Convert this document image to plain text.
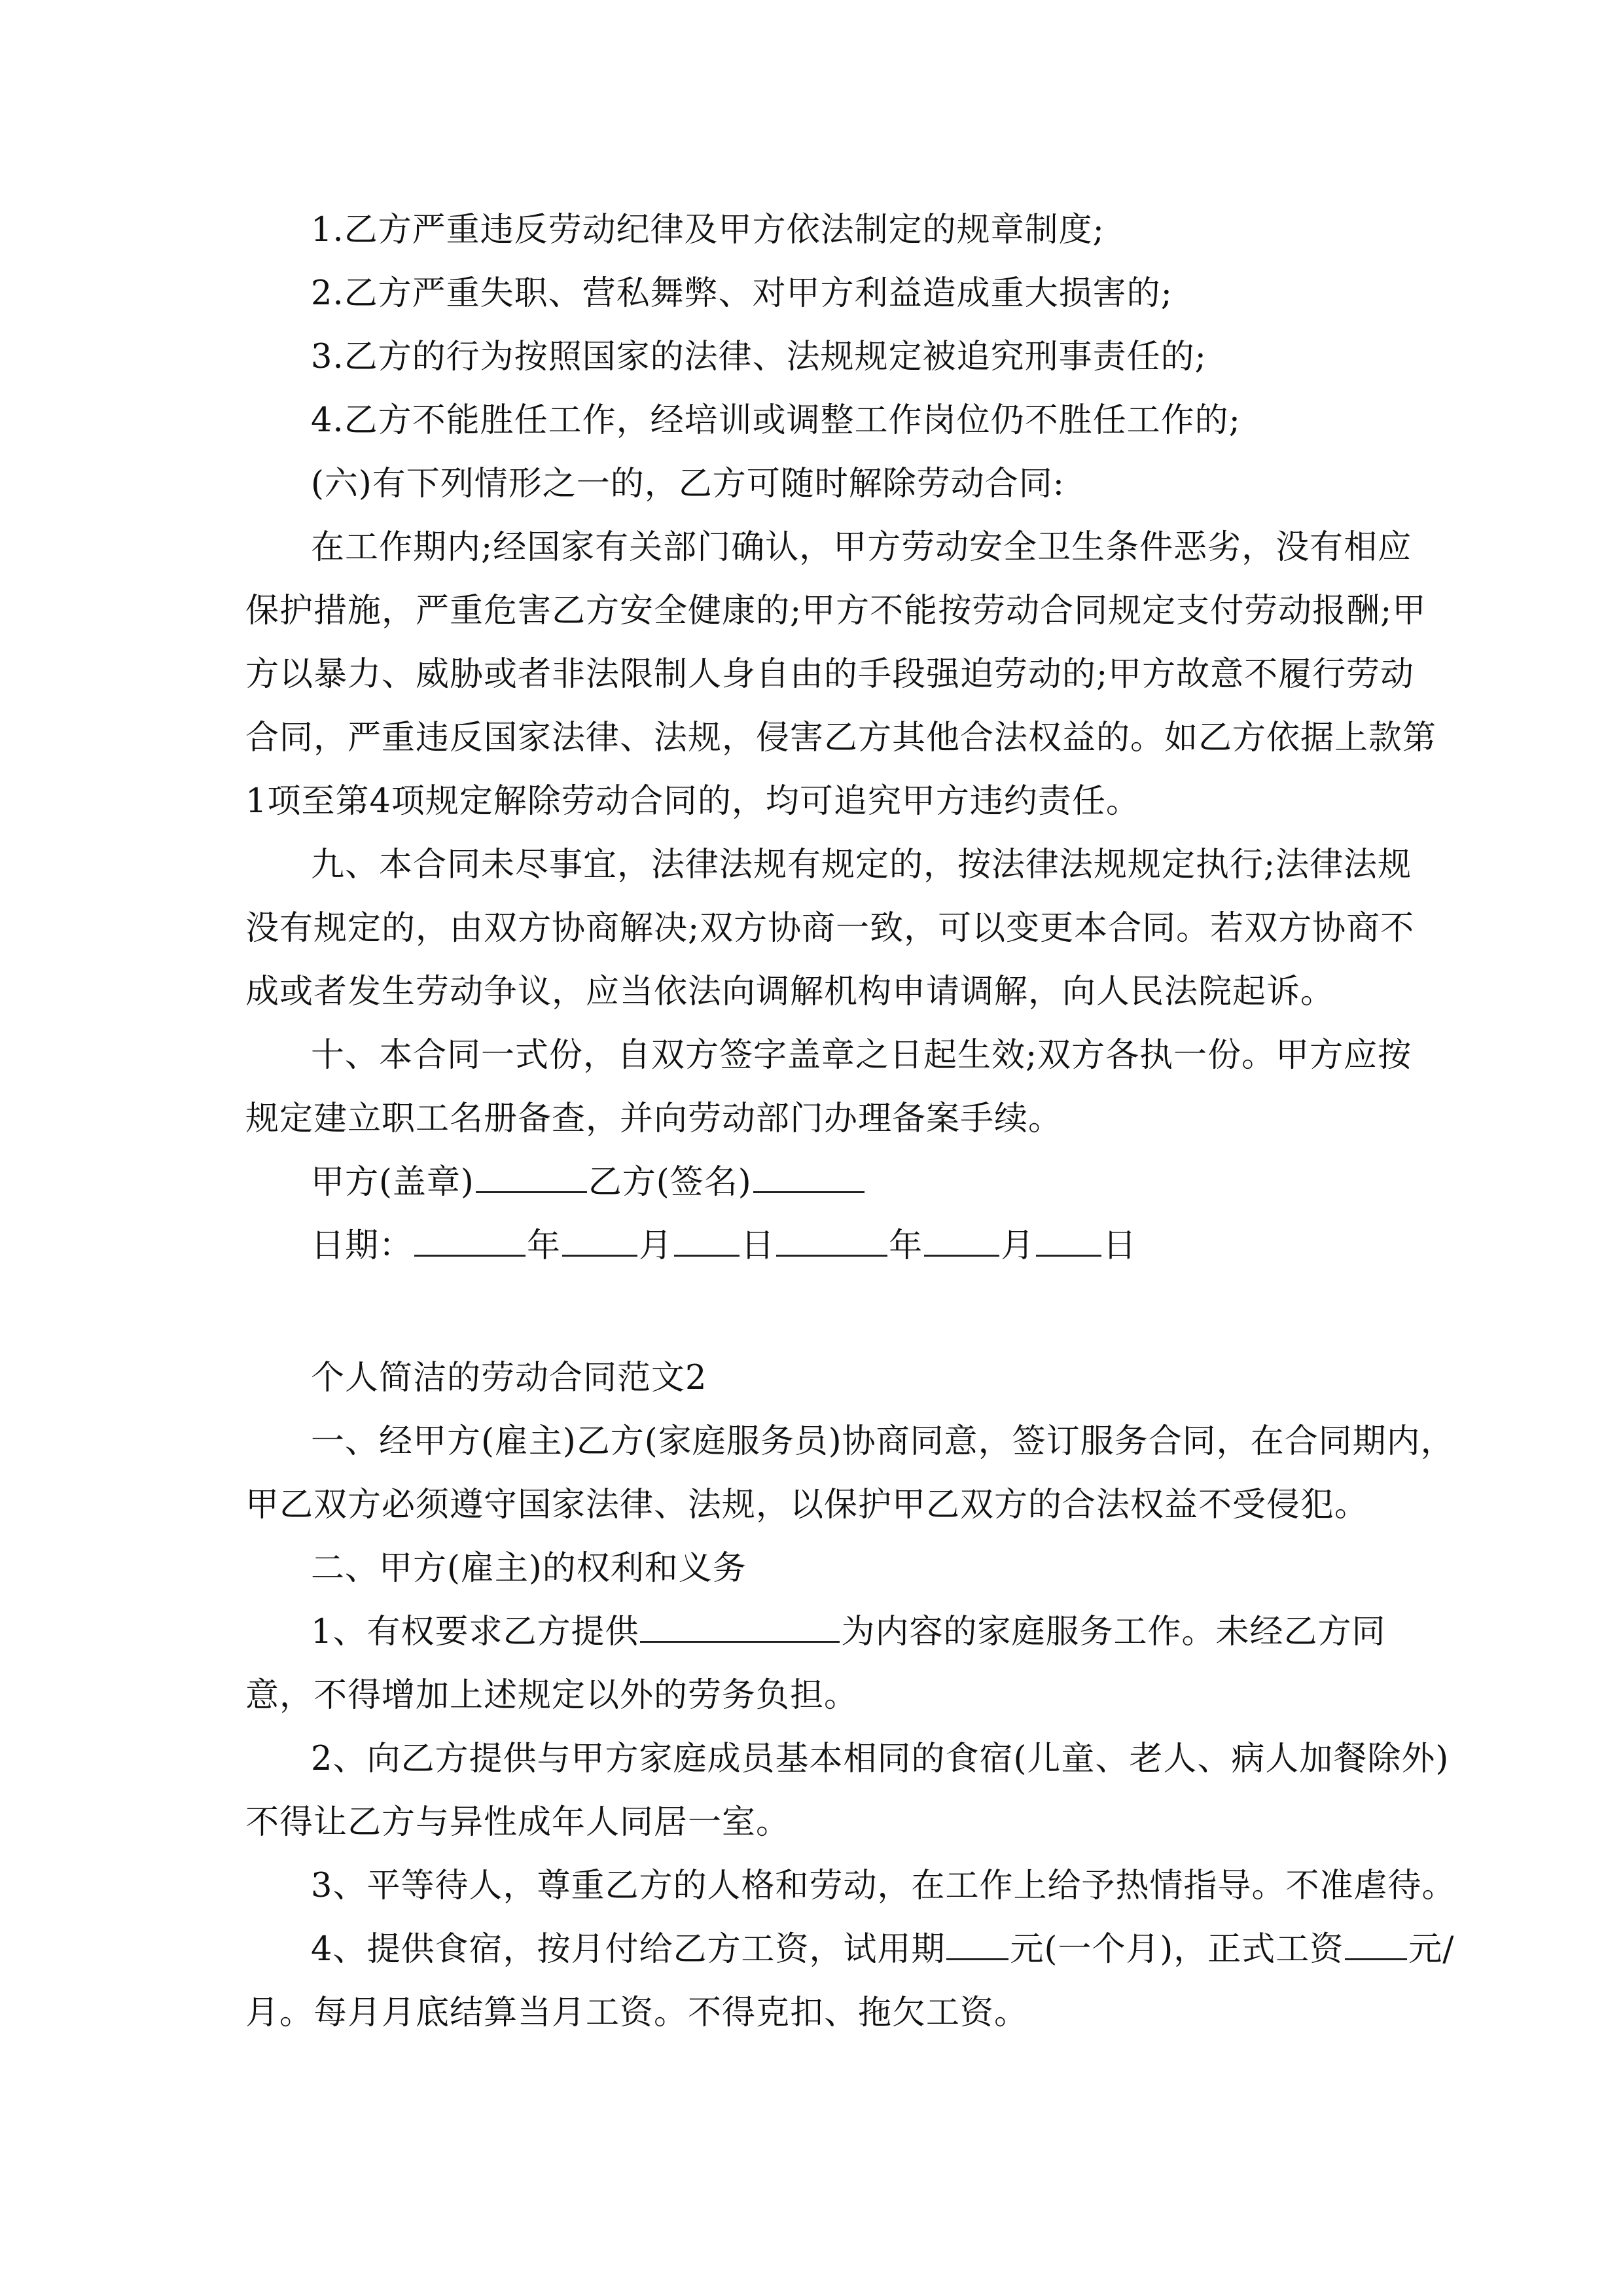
1.乙方严重违反劳动纪律及甲方依法制定的规章制度;
2.乙方严重失职、营私舞弊、对甲方利益造成重大损害的;
3.乙方的行为按照国家的法律、法规规定被追究刑事责任的;
4.乙方不能胜任工作，经培训或调整工作岗位仍不胜任工作的;
(六)有下列情形之一的，乙方可随时解除劳动合同:
在工作期内;经国家有关部门确认，甲方劳动安全卫生条件恶劣，没有相应
保护措施，严重危害乙方安全健康的;甲方不能按劳动合同规定支付劳动报酬;甲
方以暴力、威胁或者非法限制人身自由的手段强迫劳动的;甲方故意不履行劳动
合同，严重违反国家法律、法规，侵害乙方其他合法权益的。如乙方依据上款第
1项至第4项规定解除劳动合同的，均可追究甲方违约责任。
九、本合同未尽事宜，法律法规有规定的，按法律法规规定执行;法律法规
没有规定的，由双方协商解决;双方协商一致，可以变更本合同。若双方协商不
成或者发生劳动争议，应当依法向调解机构申请调解，向人民法院起诉。
十、本合同一式份，自双方签字盖章之日起生效;双方各执一份。甲方应按
规定建立职工名册备查，并向劳动部门办理备案手续。
甲方(盖章)	乙方(签名)
日期：	年 月 日	年 月 日
个人简洁的劳动合同范文2
一、经甲方(雇主)乙方(家庭服务员)协商同意，签订服务合同，在合同期内，
甲乙双方必须遵守国家法律、法规，以保护甲乙双方的合法权益不受侵犯。
二、甲方(雇主)的权利和义务
1、有权要求乙方提供	为内容的家庭服务工作。未经乙方同
意，不得增加上述规定以外的劳务负担。
2、向乙方提供与甲方家庭成员基本相同的食宿(儿童、老人、病人加餐除外)
不得让乙方与异性成年人同居一室。
3、平等待人，尊重乙方的人格和劳动，在工作上给予热情指导。不准虐待。
4、提供食宿，按月付给乙方工资，试用期 元(一个月)，正式工资 元/
月。每月月底结算当月工资。不得克扣、拖欠工资。
